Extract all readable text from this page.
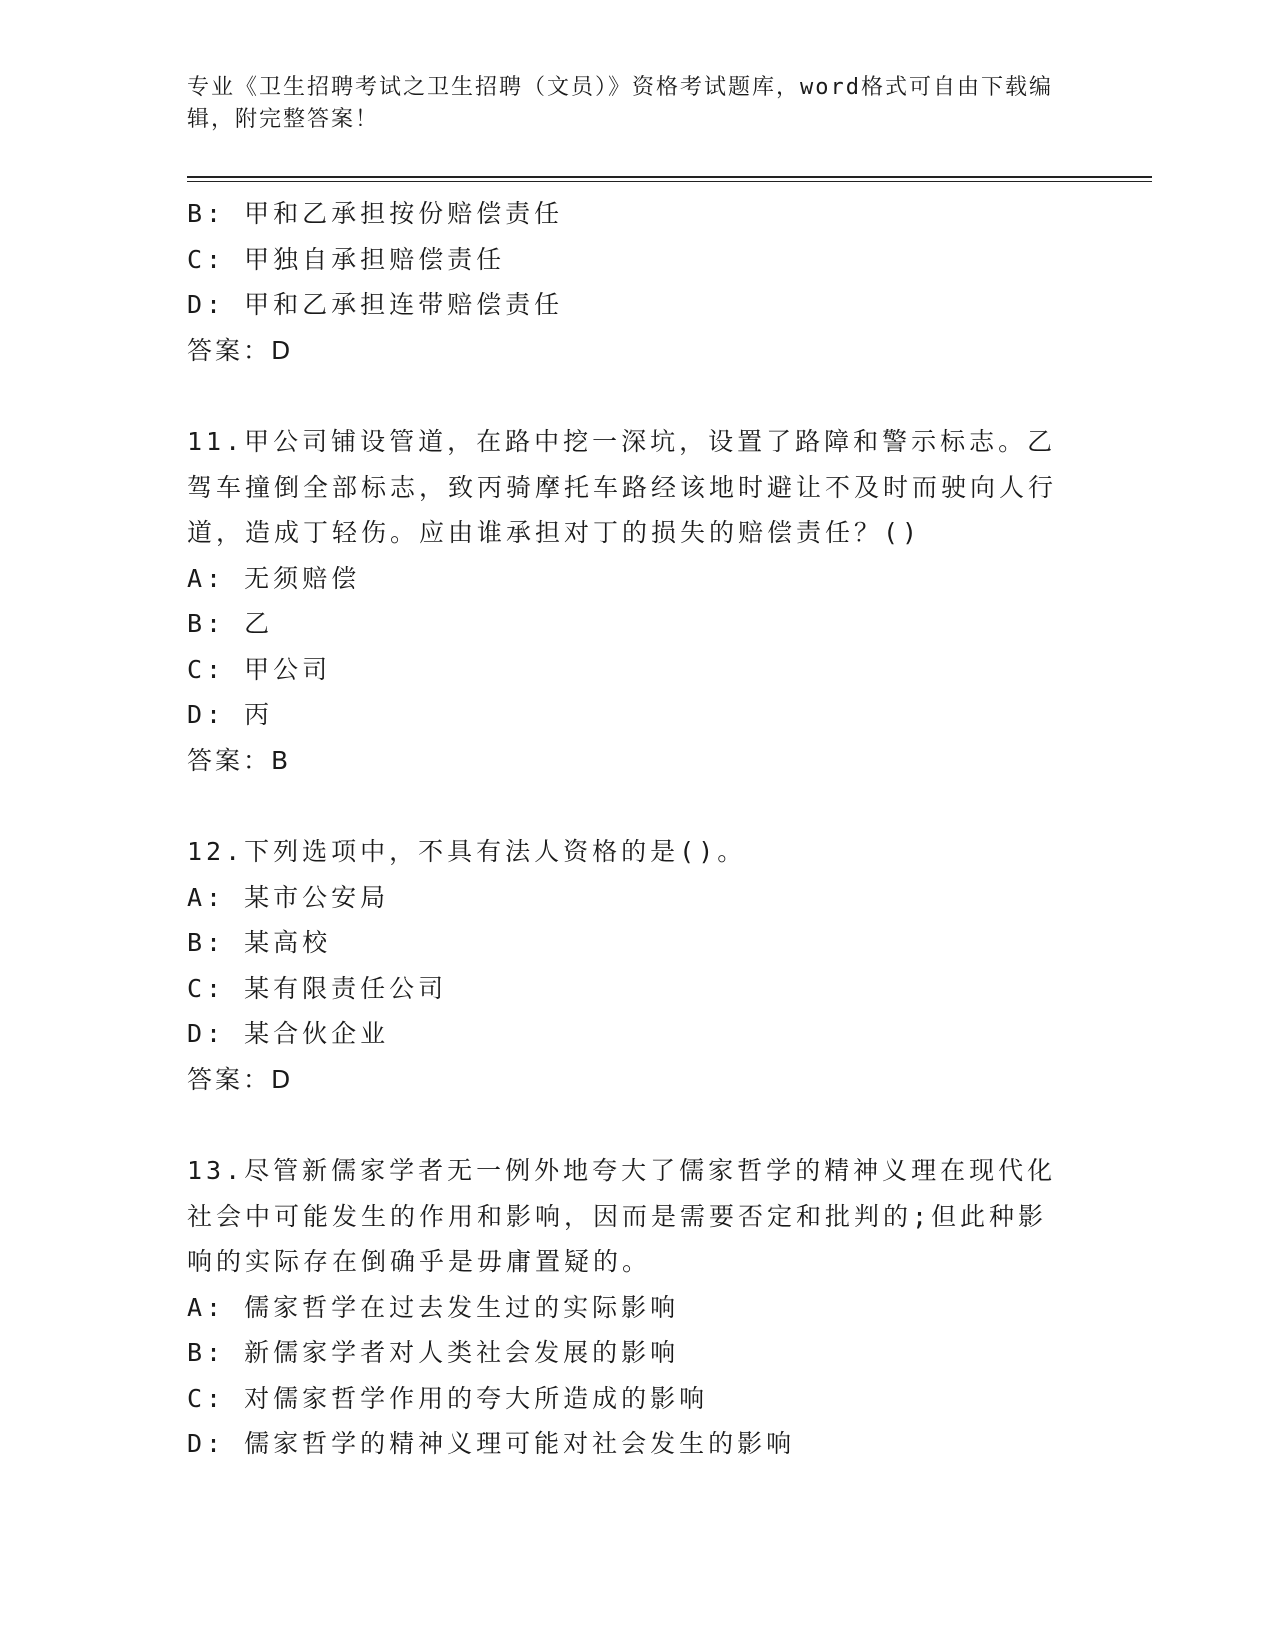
专业《卫生招聘考试之卫生招聘（文员）》资格考试题库，word格式可自由下载编辑，附完整答案！
B: 甲和乙承担按份赔偿责任
C: 甲独自承担赔偿责任
D: 甲和乙承担连带赔偿责任
答案：D
11.甲公司铺设管道，在路中挖一深坑，设置了路障和警示标志。乙驾车撞倒全部标志，致丙骑摩托车路经该地时避让不及时而驶向人行道，造成丁轻伤。应由谁承担对丁的损失的赔偿责任？()
A: 无须赔偿
B: 乙
C: 甲公司
D: 丙
答案：B
12.下列选项中，不具有法人资格的是()。
A: 某市公安局
B: 某高校
C: 某有限责任公司
D: 某合伙企业
答案：D
13.尽管新儒家学者无一例外地夸大了儒家哲学的精神义理在现代化社会中可能发生的作用和影响，因而是需要否定和批判的;但此种影响的实际存在倒确乎是毋庸置疑的。
A: 儒家哲学在过去发生过的实际影响
B: 新儒家学者对人类社会发展的影响
C: 对儒家哲学作用的夸大所造成的影响
D: 儒家哲学的精神义理可能对社会发生的影响
